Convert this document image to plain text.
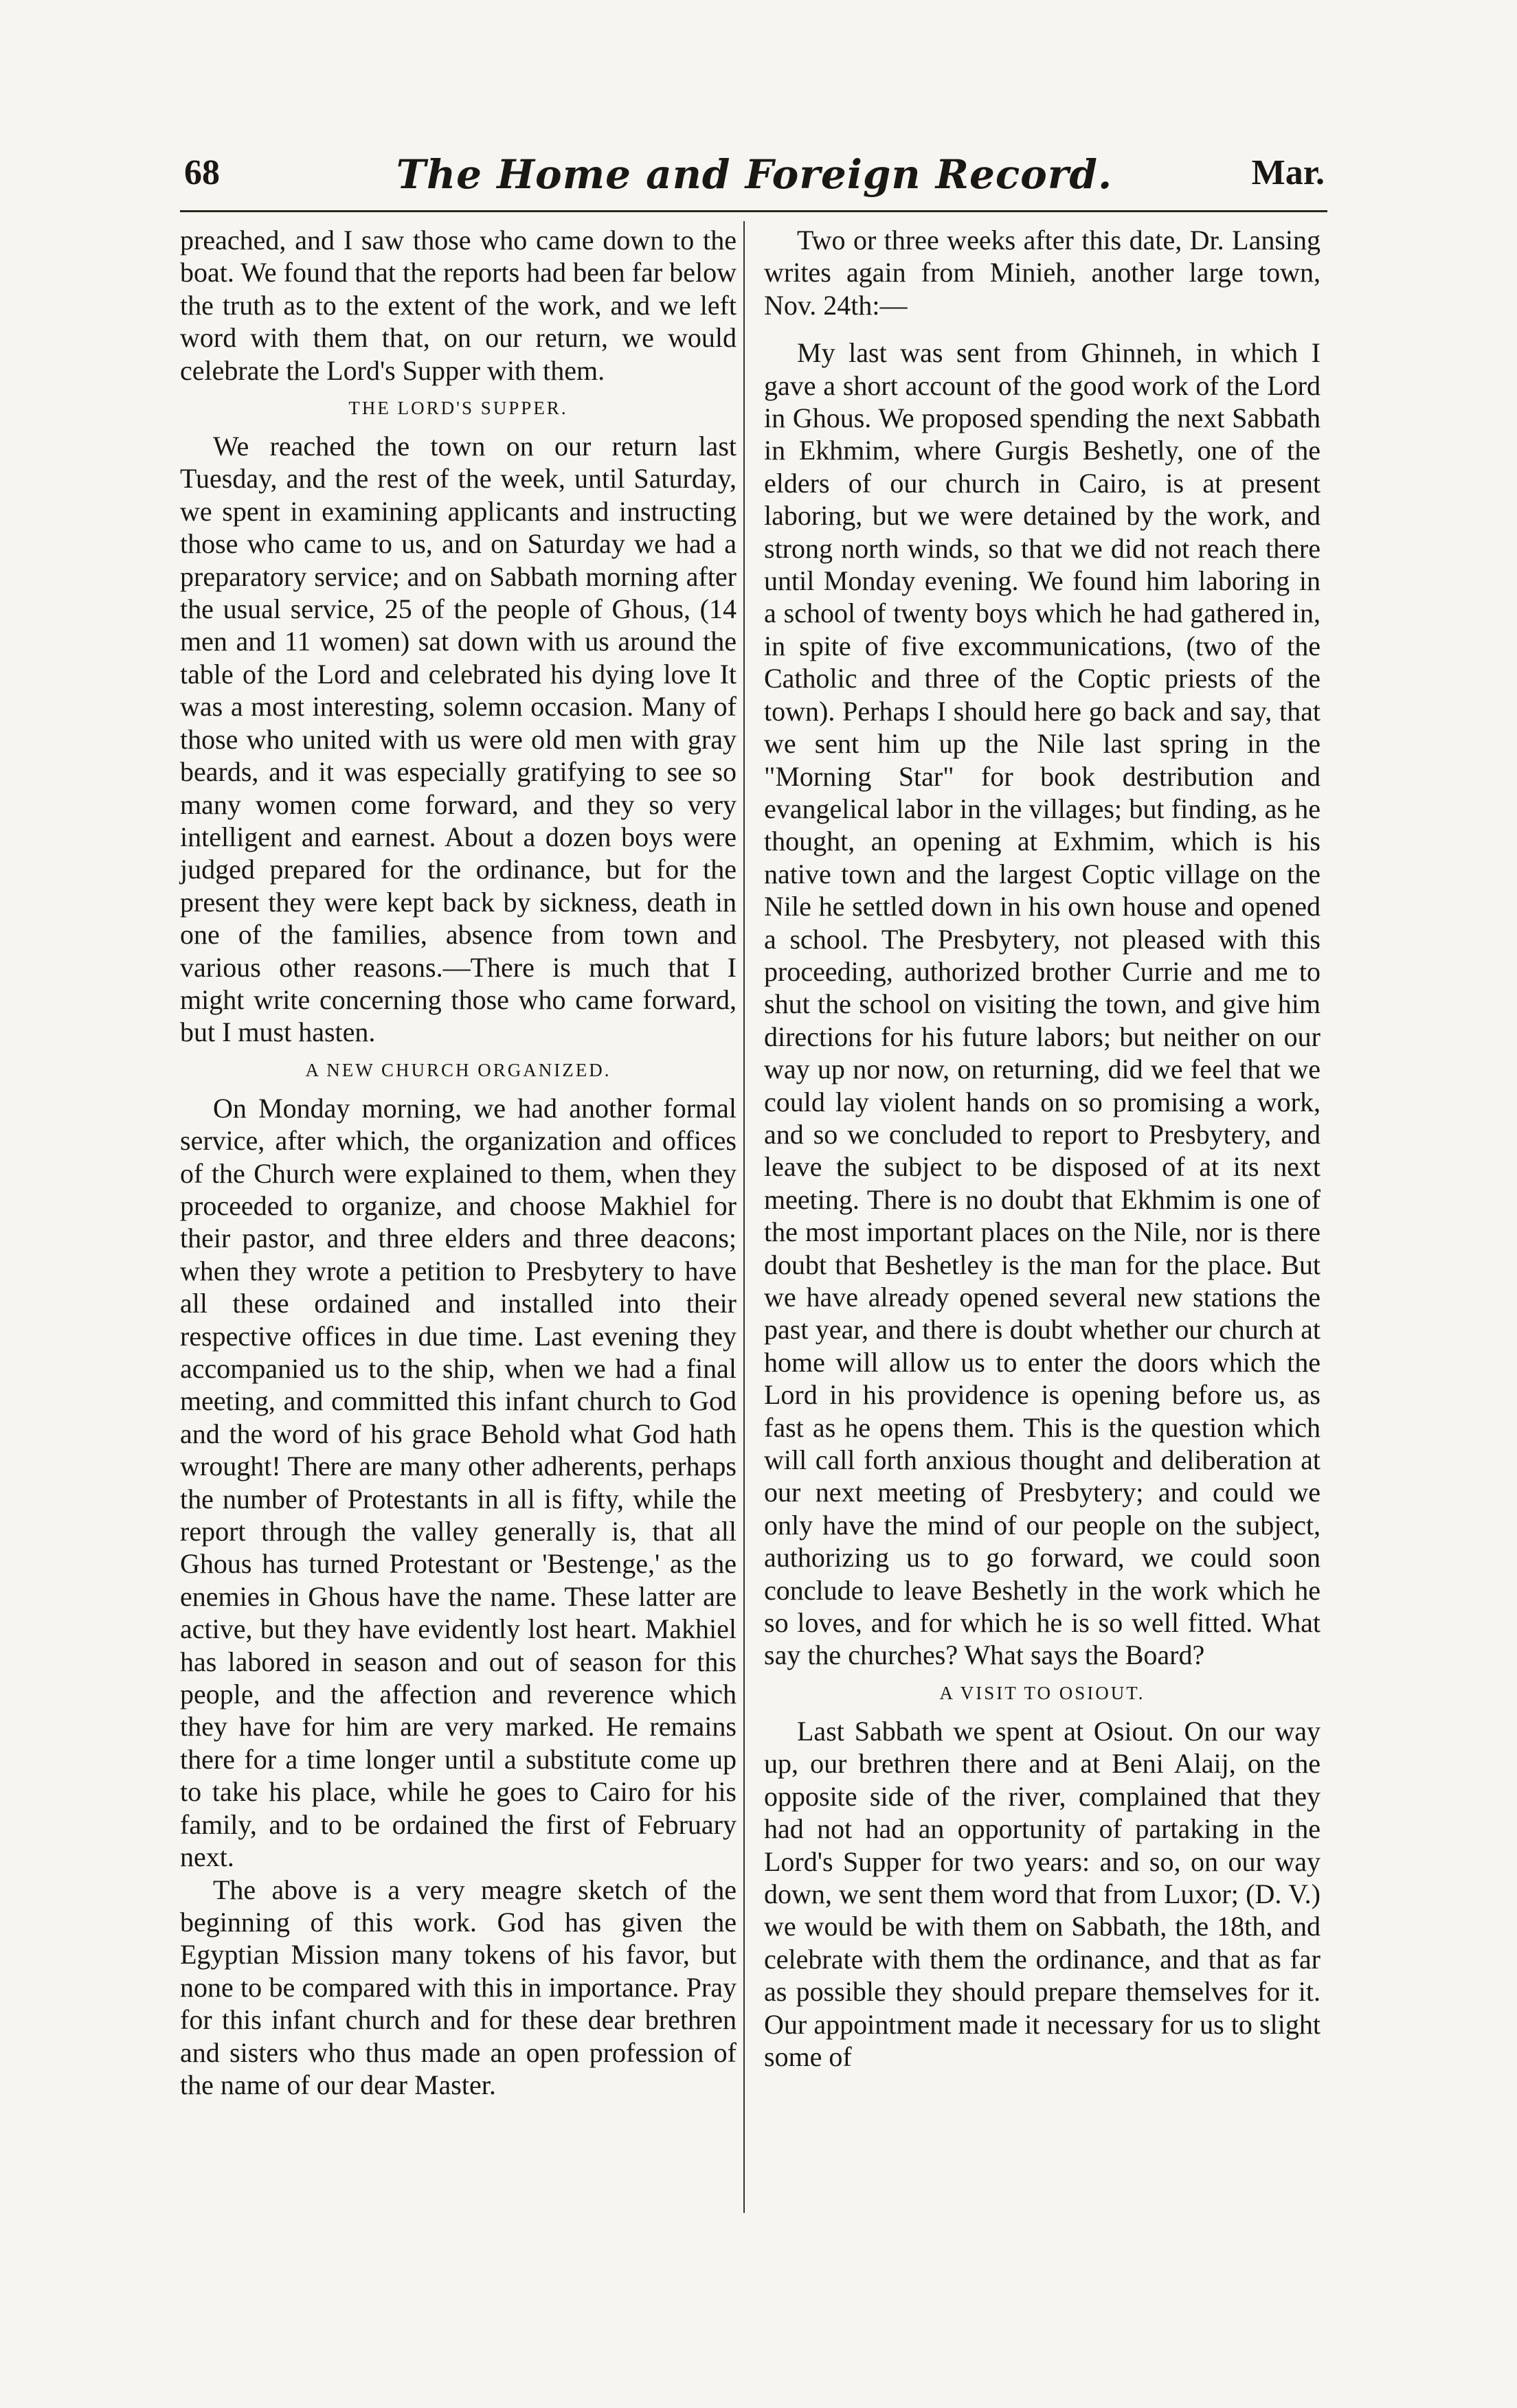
68	The Home and Foreign Record.	Mar.

preached, and I saw those who came down to the boat. We found that the reports had been far below the truth as to the extent of the work, and we left word with them that, on our return, we would celebrate the Lord's Supper with them.

THE LORD'S SUPPER.

We reached the town on our return last Tuesday, and the rest of the week, until Saturday, we spent in examining applicants and instructing those who came to us, and on Saturday we had a preparatory service; and on Sabbath morning after the usual service, 25 of the people of Ghous, (14 men and 11 women) sat down with us around the table of the Lord and celebrated his dying love It was a most interesting, solemn occasion. Many of those who united with us were old men with gray beards, and it was especially gratifying to see so many women come forward, and they so very intelligent and earnest. About a dozen boys were judged prepared for the ordinance, but for the present they were kept back by sickness, death in one of the families, absence from town and various other reasons.—There is much that I might write concerning those who came forward, but I must hasten.

A NEW CHURCH ORGANIZED.

On Monday morning, we had another formal service, after which, the organization and offices of the Church were explained to them, when they proceeded to organize, and choose Makhiel for their pastor, and three elders and three deacons; when they wrote a petition to Presbytery to have all these ordained and installed into their respective offices in due time. Last evening they accompanied us to the ship, when we had a final meeting, and committed this infant church to God and the word of his grace Behold what God hath wrought! There are many other adherents, perhaps the number of Protestants in all is fifty, while the report through the valley generally is, that all Ghous has turned Protestant or 'Bestenge,' as the enemies in Ghous have the name. These latter are active, but they have evidently lost heart. Makhiel has labored in season and out of season for this people, and the affection and reverence which they have for him are very marked. He remains there for a time longer until a substitute come up to take his place, while he goes to Cairo for his family, and to be ordained the first of February next.

The above is a very meagre sketch of the beginning of this work. God has given the Egyptian Mission many tokens of his favor, but none to be compared with this in importance. Pray for this infant church and for these dear brethren and sisters who thus made an open profession of the name of our dear Master.

Two or three weeks after this date, Dr. Lansing writes again from Minieh, another large town, Nov. 24th:—

My last was sent from Ghinneh, in which I gave a short account of the good work of the Lord in Ghous. We proposed spending the next Sabbath in Ekhmim, where Gurgis Beshetly, one of the elders of our church in Cairo, is at present laboring, but we were detained by the work, and strong north winds, so that we did not reach there until Monday evening. We found him laboring in a school of twenty boys which he had gathered in, in spite of five excommunications, (two of the Catholic and three of the Coptic priests of the town). Perhaps I should here go back and say, that we sent him up the Nile last spring in the "Morning Star" for book destribution and evangelical labor in the villages; but finding, as he thought, an opening at Exhmim, which is his native town and the largest Coptic village on the Nile he settled down in his own house and opened a school. The Presbytery, not pleased with this proceeding, authorized brother Currie and me to shut the school on visiting the town, and give him directions for his future labors; but neither on our way up nor now, on returning, did we feel that we could lay violent hands on so promising a work, and so we concluded to report to Presbytery, and leave the subject to be disposed of at its next meeting. There is no doubt that Ekhmim is one of the most important places on the Nile, nor is there doubt that Beshetley is the man for the place. But we have already opened several new stations the past year, and there is doubt whether our church at home will allow us to enter the doors which the Lord in his providence is opening before us, as fast as he opens them. This is the question which will call forth anxious thought and deliberation at our next meeting of Presbytery; and could we only have the mind of our people on the subject, authorizing us to go forward, we could soon conclude to leave Beshetly in the work which he so loves, and for which he is so well fitted. What say the churches? What says the Board?

A VISIT TO OSIOUT.

Last Sabbath we spent at Osiout. On our way up, our brethren there and at Beni Alaij, on the opposite side of the river, complained that they had not had an opportunity of partaking in the Lord's Supper for two years: and so, on our way down, we sent them word that from Luxor; (D. V.) we would be with them on Sabbath, the 18th, and celebrate with them the ordinance, and that as far as possible they should prepare themselves for it. Our appointment made it necessary for us to slight some of
